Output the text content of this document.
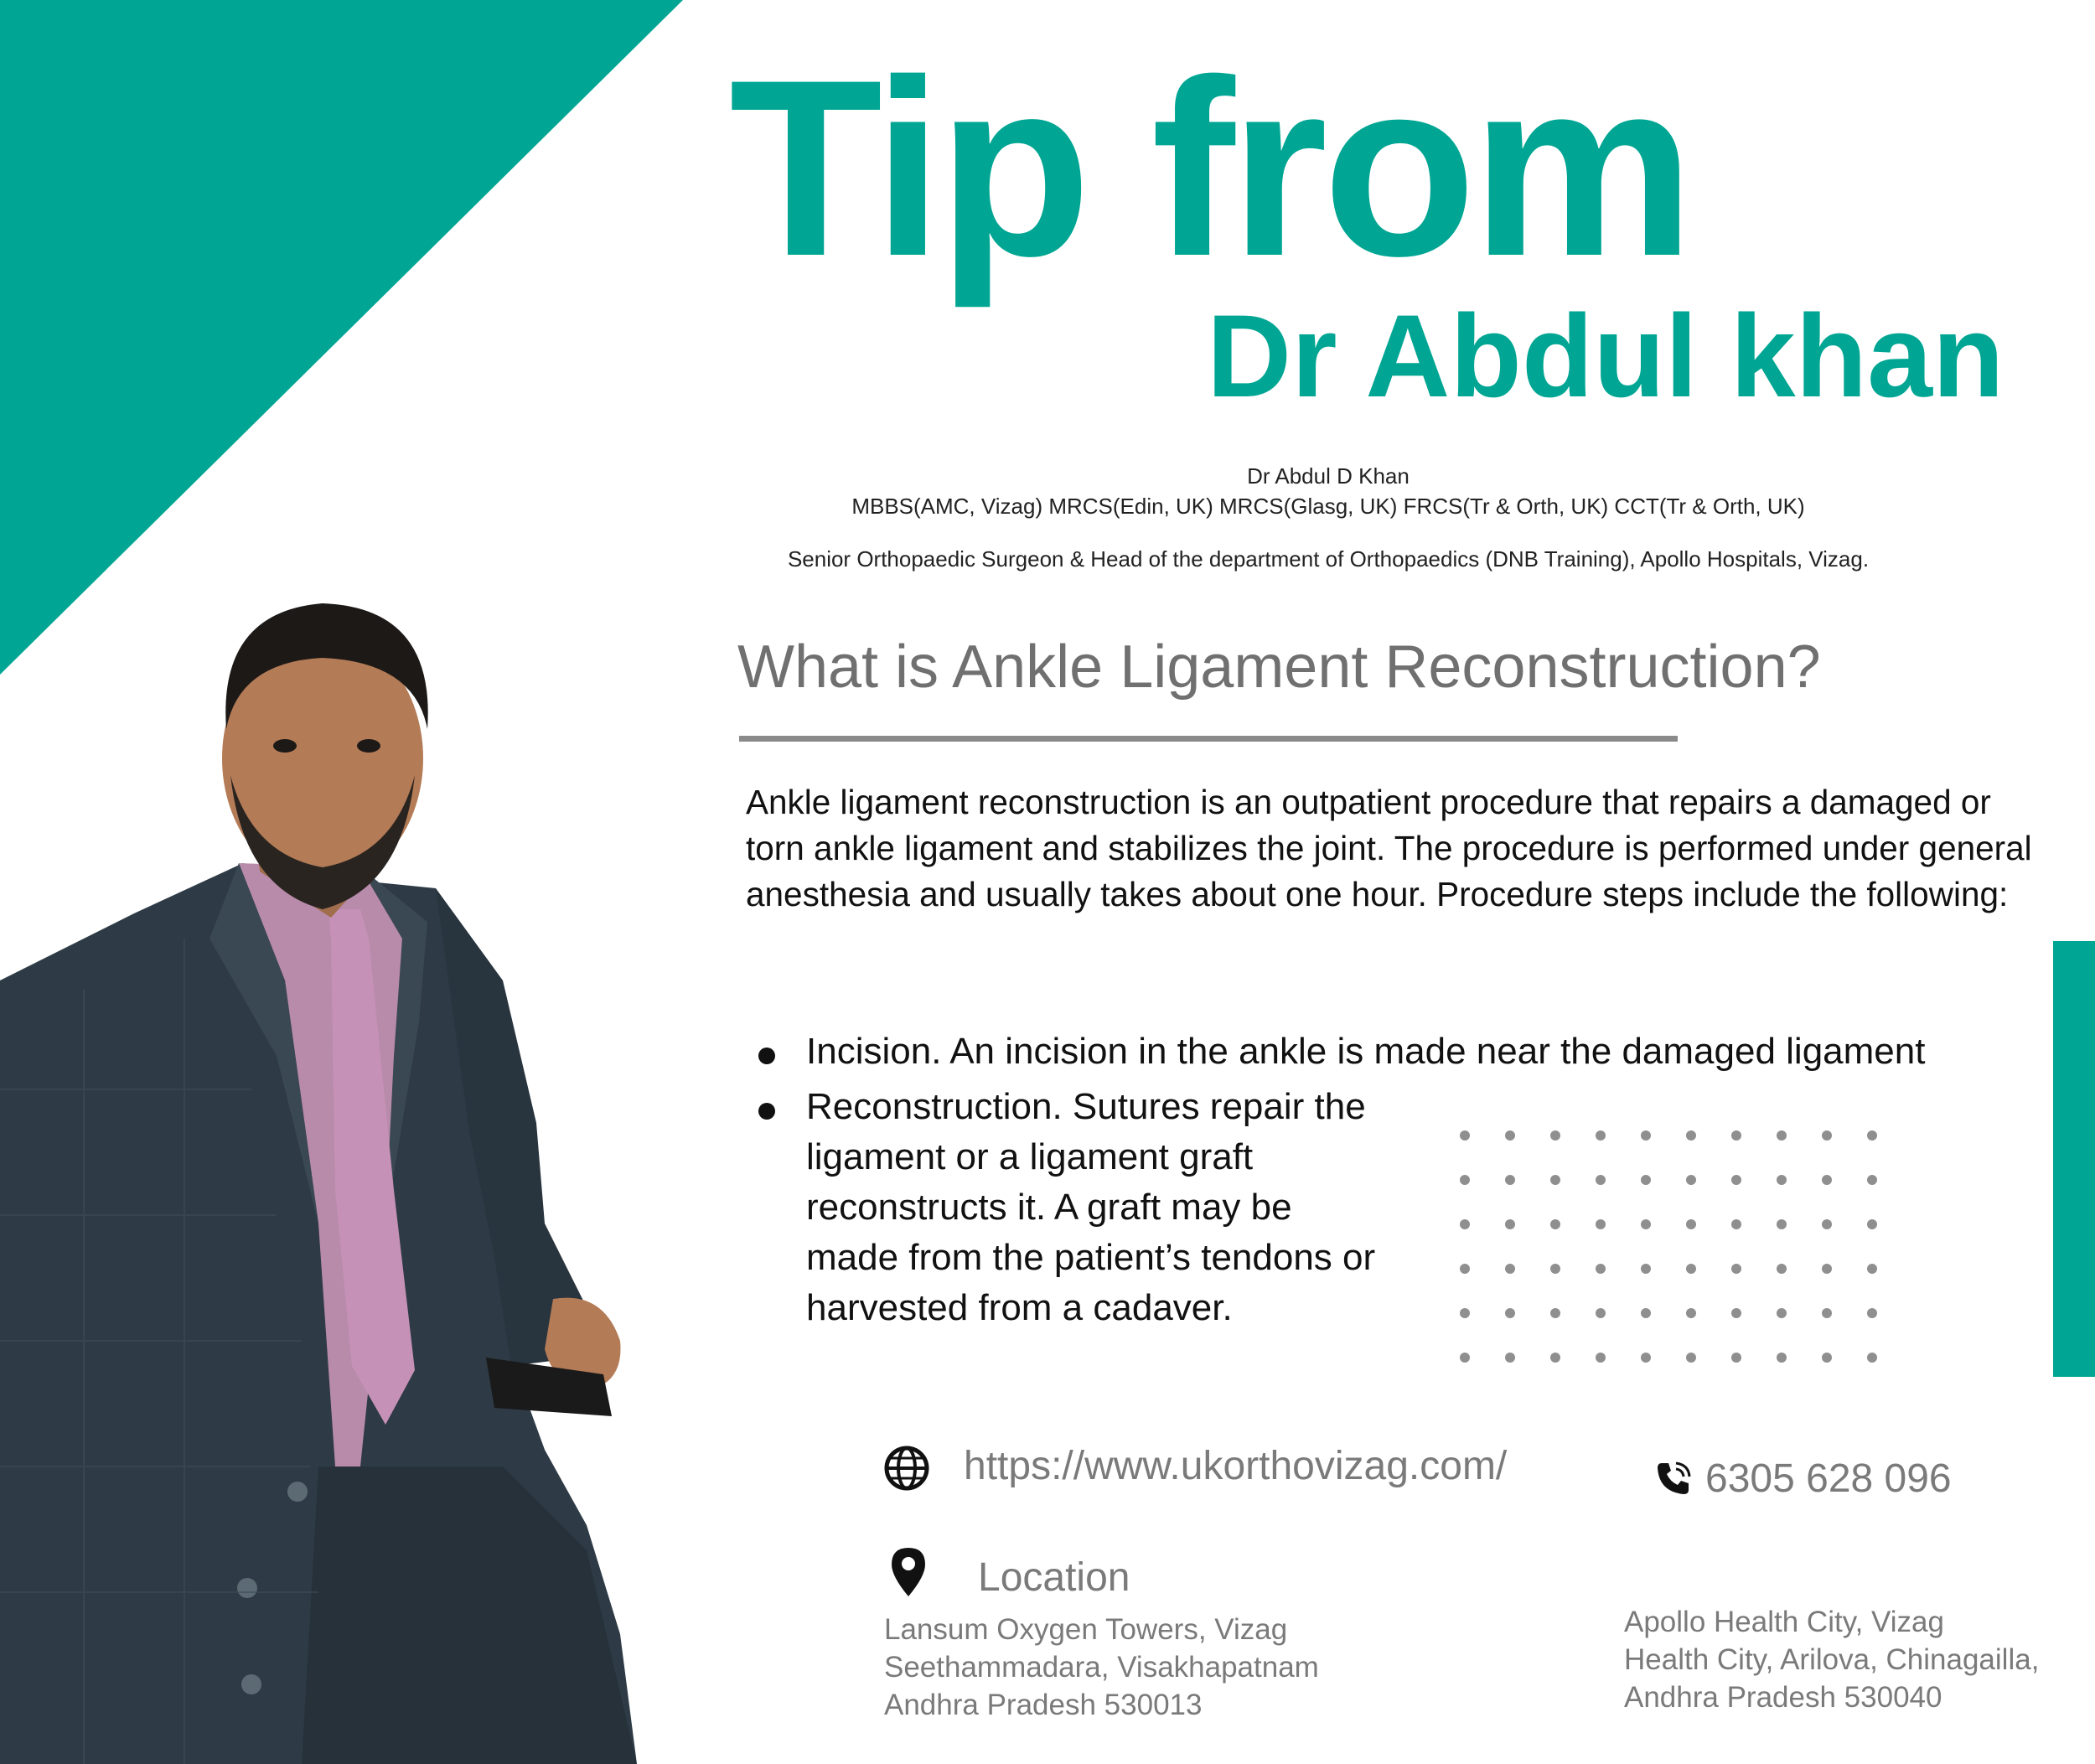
Tip from
Dr Abdul khan
Dr Abdul D Khan
MBBS(AMC, Vizag) MRCS(Edin, UK) MRCS(Glasg, UK) FRCS(Tr & Orth, UK) CCT(Tr & Orth, UK)
Senior Orthopaedic Surgeon & Head of the department of Orthopaedics (DNB Training), Apollo Hospitals, Vizag.
What is Ankle Ligament Reconstruction?
Ankle ligament reconstruction is an outpatient procedure that repairs a damaged or torn ankle ligament and stabilizes the joint. The procedure is performed under general anesthesia and usually takes about one hour. Procedure steps include the following:
Incision. An incision in the ankle is made near the damaged ligament
Reconstruction. Sutures repair the ligament or a ligament graft reconstructs it. A graft may be made from the patient’s tendons or harvested from a cadaver.
https://www.ukorthovizag.com/	6305 628 096
Location
Lansum Oxygen Towers, Vizag
Seethammadara, Visakhapatnam
Andhra Pradesh 530013
Apollo Health City, Vizag
Health City, Arilova, Chinagailla,
Andhra Pradesh 530040
